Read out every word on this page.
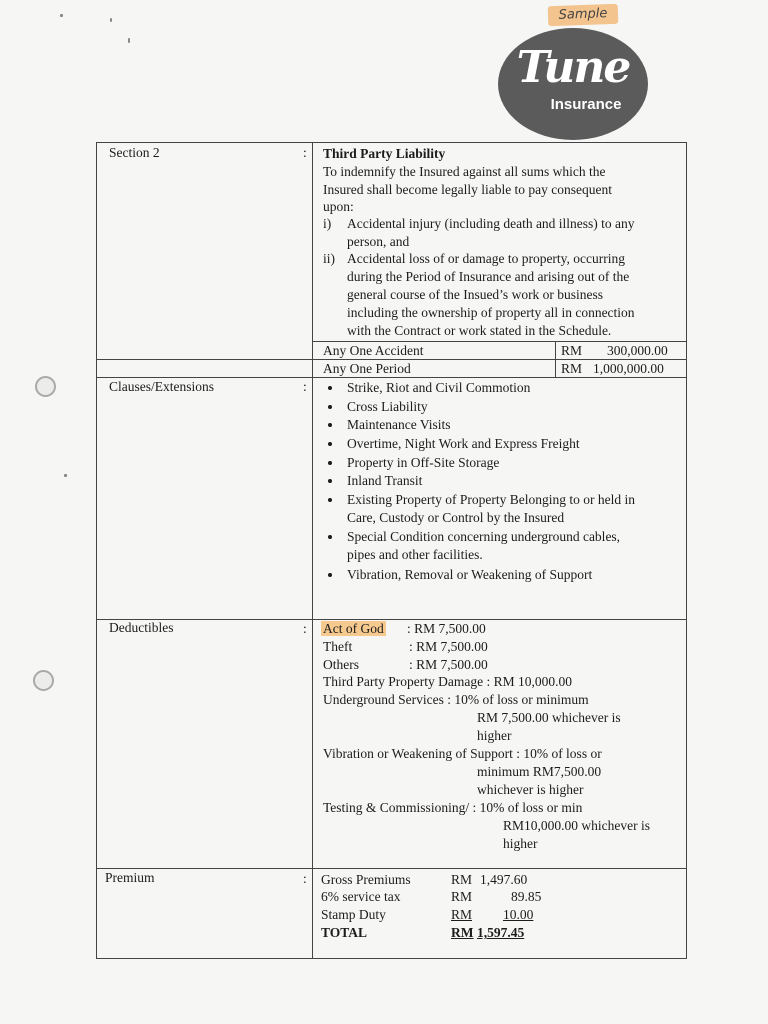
Sample
Tune
Insurance
Section 2	: Third Party Liability
To indemnify the Insured against all sums which the
Insured shall become legally liable to pay consequent
upon:
i) Accidental injury (including death and illness) to any
person, and
ii) Accidental loss of or damage to property, occurring
during the Period of Insurance and arising out of the
general course of the Insued’s work or business
including the ownership of property all in connection
with the Contract or work stated in the Schedule.
Any One Accident	RM 300,000.00
Any One Period	RM 1,000,000.00
Clauses/Extensions	:	Strike, Riot and Civil Commotion
Cross Liability
Maintenance Visits
Overtime, Night Work and Express Freight
Property in Off-Site Storage
Inland Transit
Existing Property of Property Belonging to or held in
Care, Custody or Control by the Insured
Special Condition concerning underground cables,
pipes and other facilities.
Vibration, Removal or Weakening of Support
Deductibles	: Act of God : RM 7,500.00
Theft	: RM 7,500.00
Others	: RM 7,500.00
Third Party Property Damage : RM 10,000.00
Underground Services : 10% of loss or minimum
RM 7,500.00 whichever is
higher
Vibration or Weakening of Support : 10% of loss or
minimum RM7,500.00
whichever is higher
Testing & Commissioning/ : 10% of loss or min
RM10,000.00 whichever is
higher
Premium	: Gross Premiums	RM 1,497.60
6% service tax	RM	89.85
Stamp Duty	RM 10.00
TOTAL	RM 1,597.45
